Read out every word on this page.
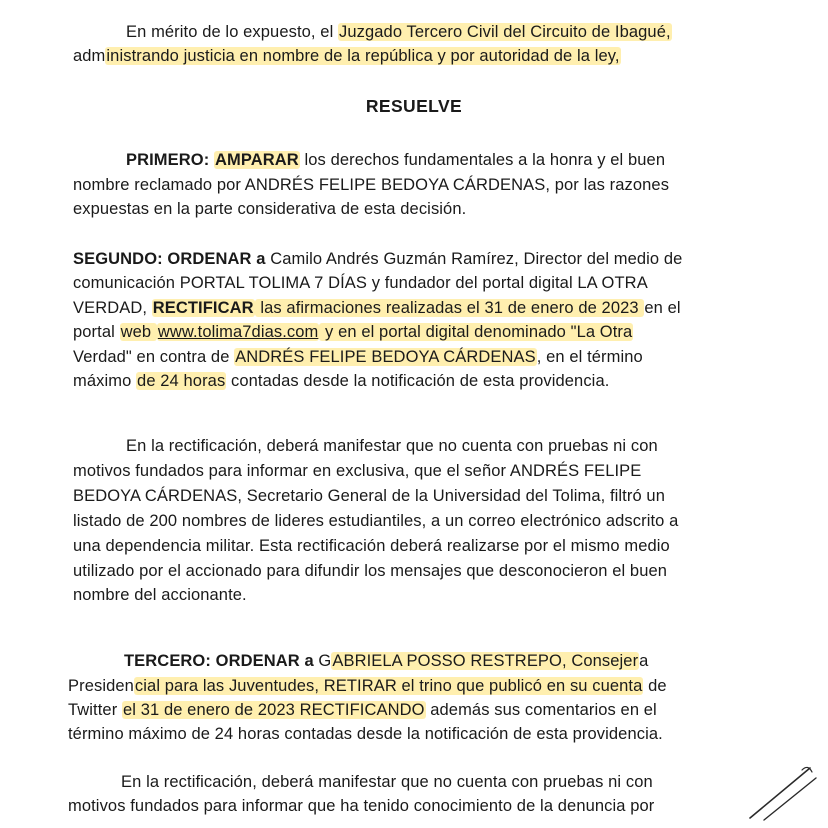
En mérito de lo expuesto, el Juzgado Tercero Civil del Circuito de Ibagué,
administrando justicia en nombre de la república y por autoridad de la ley,
RESUELVE
PRIMERO: AMPARAR los derechos fundamentales a la honra y el buen
nombre reclamado por ANDRÉS FELIPE BEDOYA CÁRDENAS, por las razones
expuestas en la parte considerativa de esta decisión.
SEGUNDO: ORDENAR a Camilo Andrés Guzmán Ramírez, Director del medio de
comunicación PORTAL TOLIMA 7 DÍAS y fundador del portal digital LA OTRA
VERDAD, RECTIFICAR las afirmaciones realizadas el 31 de enero de 2023 en el
portal web www.tolima7dias.com y en el portal digital denominado "La Otra
Verdad" en contra de ANDRÉS FELIPE BEDOYA CÁRDENAS, en el término
máximo de 24 horas contadas desde la notificación de esta providencia.
En la rectificación, deberá manifestar que no cuenta con pruebas ni con
motivos fundados para informar en exclusiva, que el señor ANDRÉS FELIPE
BEDOYA CÁRDENAS, Secretario General de la Universidad del Tolima, filtró un
listado de 200 nombres de lideres estudiantiles, a un correo electrónico adscrito a
una dependencia militar. Esta rectificación deberá realizarse por el mismo medio
utilizado por el accionado para difundir los mensajes que desconocieron el buen
nombre del accionante.
TERCERO: ORDENAR a GABRIELA POSSO RESTREPO, Consejera
Presidencial para las Juventudes, RETIRAR el trino que publicó en su cuenta de
Twitter el 31 de enero de 2023 RECTIFICANDO además sus comentarios en el
término máximo de 24 horas contadas desde la notificación de esta providencia.
En la rectificación, deberá manifestar que no cuenta con pruebas ni con
motivos fundados para informar que ha tenido conocimiento de la denuncia por
